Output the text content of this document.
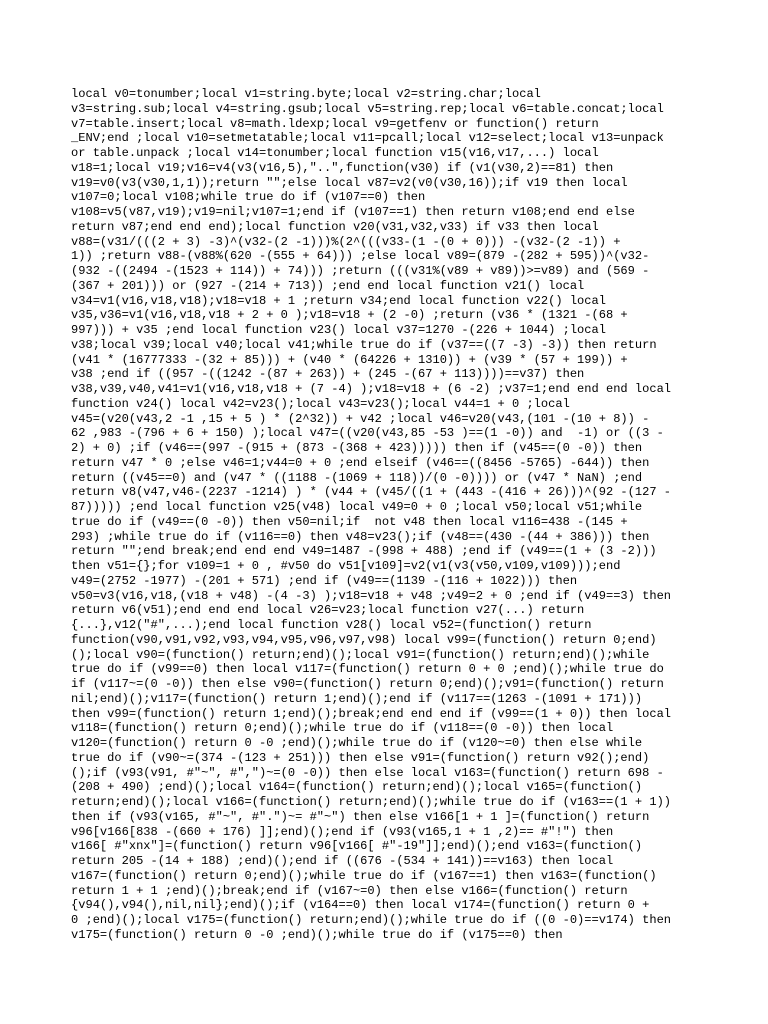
local v0=tonumber;local v1=string.byte;local v2=string.char;local
v3=string.sub;local v4=string.gsub;local v5=string.rep;local v6=table.concat;local
v7=table.insert;local v8=math.ldexp;local v9=getfenv or function() return
_ENV;end ;local v10=setmetatable;local v11=pcall;local v12=select;local v13=unpack
or table.unpack ;local v14=tonumber;local function v15(v16,v17,...) local
v18=1;local v19;v16=v4(v3(v16,5),"..",function(v30) if (v1(v30,2)==81) then
v19=v0(v3(v30,1,1));return "";else local v87=v2(v0(v30,16));if v19 then local
v107=0;local v108;while true do if (v107==0) then
v108=v5(v87,v19);v19=nil;v107=1;end if (v107==1) then return v108;end end else
return v87;end end end);local function v20(v31,v32,v33) if v33 then local
v88=(v31/(((2 + 3) -3)^(v32-(2 -1)))%(2^(((v33-(1 -(0 + 0))) -(v32-(2 -1)) +
1)) ;return v88-(v88%(620 -(555 + 64))) ;else local v89=(879 -(282 + 595))^(v32-
(932 -((2494 -(1523 + 114)) + 74))) ;return (((v31%(v89 + v89))>=v89) and (569 -
(367 + 201))) or (927 -(214 + 713)) ;end end local function v21() local
v34=v1(v16,v18,v18);v18=v18 + 1 ;return v34;end local function v22() local
v35,v36=v1(v16,v18,v18 + 2 + 0 );v18=v18 + (2 -0) ;return (v36 * (1321 -(68 +
997))) + v35 ;end local function v23() local v37=1270 -(226 + 1044) ;local
v38;local v39;local v40;local v41;while true do if (v37==((7 -3) -3)) then return
(v41 * (16777333 -(32 + 85))) + (v40 * (64226 + 1310)) + (v39 * (57 + 199)) +
v38 ;end if ((957 -((1242 -(87 + 263)) + (245 -(67 + 113))))==v37) then
v38,v39,v40,v41=v1(v16,v18,v18 + (7 -4) );v18=v18 + (6 -2) ;v37=1;end end end local
function v24() local v42=v23();local v43=v23();local v44=1 + 0 ;local
v45=(v20(v43,2 -1 ,15 + 5 ) * (2^32)) + v42 ;local v46=v20(v43,(101 -(10 + 8)) -
62 ,983 -(796 + 6 + 150) );local v47=((v20(v43,85 -53 )==(1 -0)) and  -1) or ((3 -
2) + 0) ;if (v46==(997 -(915 + (873 -(368 + 423))))) then if (v45==(0 -0)) then
return v47 * 0 ;else v46=1;v44=0 + 0 ;end elseif (v46==((8456 -5765) -644)) then
return ((v45==0) and (v47 * ((1188 -(1069 + 118))/(0 -0)))) or (v47 * NaN) ;end
return v8(v47,v46-(2237 -1214) ) * (v44 + (v45/((1 + (443 -(416 + 26)))^(92 -(127 -
87))))) ;end local function v25(v48) local v49=0 + 0 ;local v50;local v51;while
true do if (v49==(0 -0)) then v50=nil;if  not v48 then local v116=438 -(145 +
293) ;while true do if (v116==0) then v48=v23();if (v48==(430 -(44 + 386))) then
return "";end break;end end end v49=1487 -(998 + 488) ;end if (v49==(1 + (3 -2)))
then v51={};for v109=1 + 0 , #v50 do v51[v109]=v2(v1(v3(v50,v109,v109)));end
v49=(2752 -1977) -(201 + 571) ;end if (v49==(1139 -(116 + 1022))) then
v50=v3(v16,v18,(v18 + v48) -(4 -3) );v18=v18 + v48 ;v49=2 + 0 ;end if (v49==3) then
return v6(v51);end end end local v26=v23;local function v27(...) return
{...},v12("#",...);end local function v28() local v52=(function() return
function(v90,v91,v92,v93,v94,v95,v96,v97,v98) local v99=(function() return 0;end)
();local v90=(function() return;end)();local v91=(function() return;end)();while
true do if (v99==0) then local v117=(function() return 0 + 0 ;end)();while true do
if (v117~=(0 -0)) then else v90=(function() return 0;end)();v91=(function() return
nil;end)();v117=(function() return 1;end)();end if (v117==(1263 -(1091 + 171)))
then v99=(function() return 1;end)();break;end end end if (v99==(1 + 0)) then local
v118=(function() return 0;end)();while true do if (v118==(0 -0)) then local
v120=(function() return 0 -0 ;end)();while true do if (v120~=0) then else while
true do if (v90~=(374 -(123 + 251))) then else v91=(function() return v92();end)
();if (v93(v91, #"~", #",")~=(0 -0)) then else local v163=(function() return 698 -
(208 + 490) ;end)();local v164=(function() return;end)();local v165=(function()
return;end)();local v166=(function() return;end)();while true do if (v163==(1 + 1))
then if (v93(v165, #"~", #".")~= #"~") then else v166[1 + 1 ]=(function() return
v96[v166[838 -(660 + 176) ]];end)();end if (v93(v165,1 + 1 ,2)== #"!") then
v166[ #"xnx"]=(function() return v96[v166[ #"-19"]];end)();end v163=(function()
return 205 -(14 + 188) ;end)();end if ((676 -(534 + 141))==v163) then local
v167=(function() return 0;end)();while true do if (v167==1) then v163=(function()
return 1 + 1 ;end)();break;end if (v167~=0) then else v166=(function() return
{v94(),v94(),nil,nil};end)();if (v164==0) then local v174=(function() return 0 +
0 ;end)();local v175=(function() return;end)();while true do if ((0 -0)==v174) then
v175=(function() return 0 -0 ;end)();while true do if (v175==0) then
